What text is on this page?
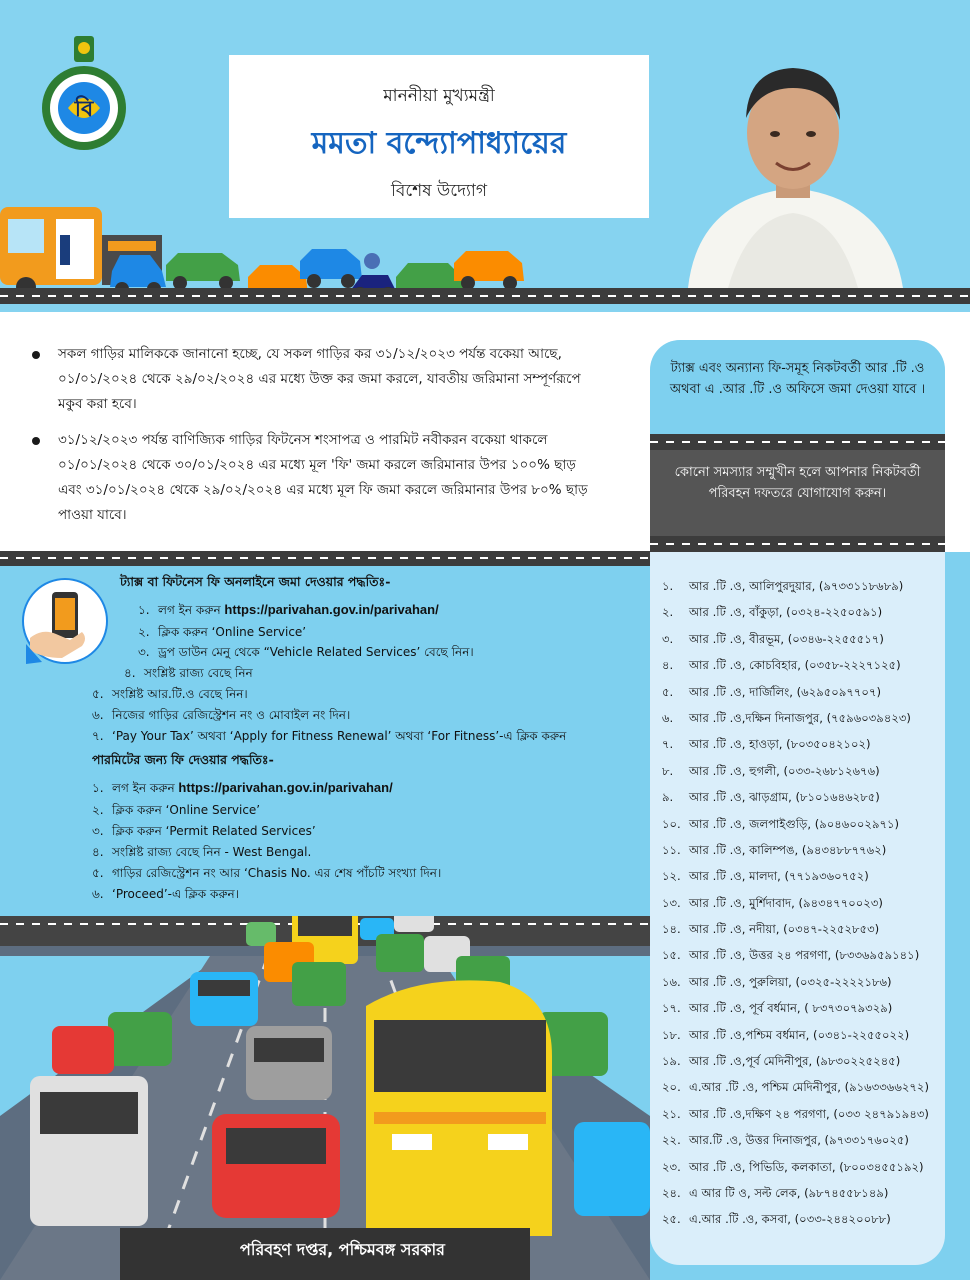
বি
মাননীয়া মুখ্যমন্ত্রী
মমতা বন্দ্যোপাধ্যায়ের
বিশেষ উদ্যোগ
সকল গাড়ির মালিককে জানানো হচ্ছে, যে সকল গাড়ির কর ৩১/১২/২০২৩ পর্যন্ত বকেয়া আছে, ০১/০১/২০২৪ থেকে ২৯/০২/২০২৪ এর মধ্যে উক্ত কর জমা করলে, যাবতীয় জরিমানা সম্পূর্ণরূপে মকুব করা হবে।
৩১/১২/২০২৩ পর্যন্ত বাণিজ্যিক গাড়ির ফিটনেস শংসাপত্র ও পারমিট নবীকরন বকেয়া থাকলে ০১/০১/২০২৪ থেকে ৩০/০১/২০২৪ এর মধ্যে মূল 'ফি' জমা করলে জরিমানার উপর ১০০% ছাড় এবং ৩১/০১/২০২৪ থেকে ২৯/০২/২০২৪ এর মধ্যে মূল ফি জমা করলে জরিমানার উপর ৮০% ছাড় পাওয়া যাবে।
ট্যাক্স এবং অন্যান্য ফি-সমূহ নিকটবর্তী আর .টি .ও অথবা এ .আর .টি .ও অফিসে জমা দেওয়া যাবে ।
কোনো সমস্যার সম্মুখীন হলে আপনার নিকটবর্তী পরিবহন দফতরে যোগাযোগ করুন।
১. আর .টি .ও, আলিপুরদুয়ার, (৯৭৩৩১১৮৬৮৯)
২. আর .টি .ও, বাঁকুড়া, (০৩২৪-২২৫০৫৯১)
৩. আর .টি .ও, বীরভূম, (০৩৪৬-২২৫৫৫১৭)
৪. আর .টি .ও, কোচবিহার, (০৩৫৮-২২২৭১২৫)
৫. আর .টি .ও, দার্জিলিং, (৬২৯৫০৯৭৭০৭)
৬. আর .টি .ও,দক্ষিন দিনাজপুর, (৭৫৯৬০৩৯৪২৩)
৭. আর .টি .ও, হাওড়া, (৮০৩৫০৪২১০২)
৮. আর .টি .ও, হুগলী, (০৩৩-২৬৮১২৬৭৬)
৯. আর .টি .ও, ঝাড়গ্রাম, (৮১০১৬৪৬২৮৫)
১০. আর .টি .ও, জলপাইগুড়ি, (৯০৪৬০০২৯৭১)
১১. আর .টি .ও, কালিম্পঙ, (৯৪৩৪৮৮৭৭৬২)
১২. আর .টি .ও, মালদা, (৭৭১৯৩৬০৭৫২)
১৩. আর .টি .ও, মুর্শিদাবাদ, (৯৪৩৪৭৭০০২৩)
১৪. আর .টি .ও, নদীয়া, (০৩৪৭-২২৫২৮৫৩)
১৫. আর .টি .ও, উত্তর ২৪ পরগণা, (৮৩৩৬৯৫৯১৪১)
১৬. আর .টি .ও, পুরুলিয়া, (০৩২৫-২২২২১৮৬)
১৭. আর .টি .ও, পূর্ব বর্ধমান, ( ৮৩৭৩০৭৯৩২৯)
১৮. আর .টি .ও,পশ্চিম বর্ধমান, (০৩৪১-২২৫৫০২২)
১৯. আর .টি .ও,পূর্ব মেদিনীপুর, (৯৮৩০২২৫২৪৫)
২০. এ.আর .টি .ও, পশ্চিম মেদিনীপুর, (৯১৬৩৩৬৬২৭২)
২১. আর .টি .ও,দক্ষিণ ২৪ পরগণা, (০৩৩ ২৪৭৯১৯৪৩)
২২. আর.টি .ও, উত্তর দিনাজপুর, (৯৭৩৩১৭৬০২৫)
২৩. আর .টি .ও, পিভিডি, কলকাতা, (৮০০৩৪৫৫১৯২)
২৪. এ আর টি ও, সল্ট লেক, (৯৮৭৪৫৫৮১৪৯)
২৫. এ.আর .টি .ও, কসবা, (০৩৩-২৪৪২০০৮৮)
ট্যাক্স বা ফিটনেস ফি অনলাইনে জমা দেওয়ার পদ্ধতিঃ-
১. লগ ইন করুন https://parivahan.gov.in/parivahan/
২. ক্লিক করুন ‘Online Service’
৩. ড্রপ ডাউন মেনু থেকে “Vehicle Related Services’ বেছে নিন।
৪. সংশ্লিষ্ট রাজ্য বেছে নিন
৫. সংশ্লিষ্ট আর.টি.ও বেছে নিন।
৬. নিজের গাড়ির রেজিস্ট্রেশন নং ও মোবাইল নং দিন।
৭. ‘Pay Your Tax’ অথবা ‘Apply for Fitness Renewal’ অথবা ‘For Fitness’-এ ক্লিক করুন
পারমিটের জন্য ফি দেওয়ার পদ্ধতিঃ-
১. লগ ইন করুন https://parivahan.gov.in/parivahan/
২. ক্লিক করুন ‘Online Service’
৩. ক্লিক করুন ‘Permit Related Services’
৪. সংশ্লিষ্ট রাজ্য বেছে নিন - West Bengal.
৫. গাড়ির রেজিস্ট্রেশন নং আর ‘Chasis No. এর শেষ পাঁচটি সংখ্যা দিন।
৬. ‘Proceed’-এ ক্লিক করুন।
পরিবহণ দপ্তর, পশ্চিমবঙ্গ সরকার
